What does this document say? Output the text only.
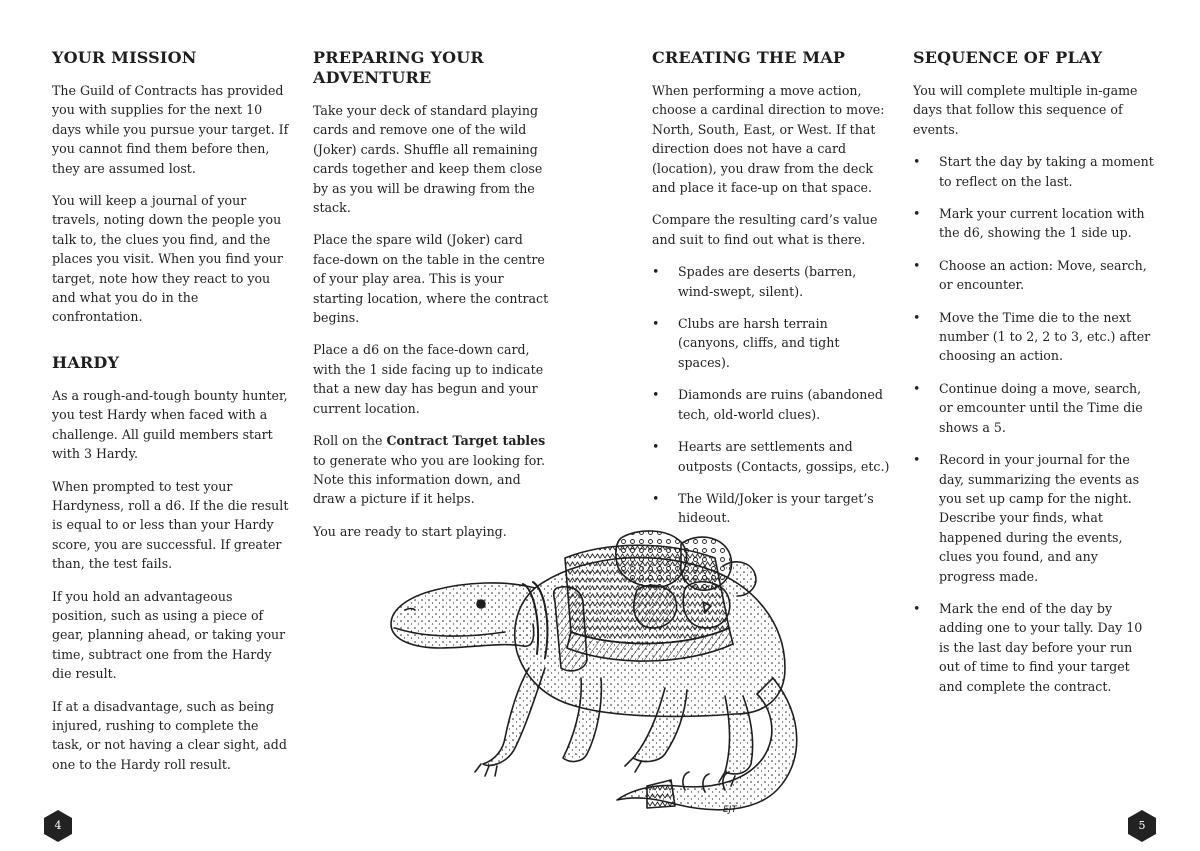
YOUR MISSION

The Guild of Contracts has provided you with supplies for the next 10 days while you pursue your target. If you cannot find them before then, they are assumed lost.

You will keep a journal of your travels, noting down the people you talk to, the clues you find, and the places you visit. When you find your target, note how they react to you and what you do in the confrontation.

HARDY

As a rough-and-tough bounty hunter, you test Hardy when faced with a challenge. All guild members start with 3 Hardy.

When prompted to test your Hardyness, roll a d6. If the die result is equal to or less than your Hardy score, you are successful. If greater than, the test fails.

If you hold an advantageous position, such as using a piece of gear, planning ahead, or taking your time, subtract one from the Hardy die result.

If at a disadvantage, such as being injured, rushing to complete the task, or not having a clear sight, add one to the Hardy roll result.

PREPARING YOUR ADVENTURE

Take your deck of standard playing cards and remove one of the wild (Joker) cards. Shuffle all remaining cards together and keep them close by as you will be drawing from the stack.

Place the spare wild (Joker) card face-down on the table in the centre of your play area. This is your starting location, where the contract begins.

Place a d6 on the face-down card, with the 1 side facing up to indicate that a new day has begun and your current location.

Roll on the Contract Target tables to generate who you are looking for. Note this information down, and draw a picture if it helps.

You are ready to start playing.

CREATING THE MAP

When performing a move action, choose a cardinal direction to move: North, South, East, or West. If that direction does not have a card (location), you draw from the deck and place it face-up on that space.

Compare the resulting card’s value and suit to find out what is there.

• Spades are deserts (barren, wind-swept, silent).
• Clubs are harsh terrain (canyons, cliffs, and tight spaces).
• Diamonds are ruins (abandoned tech, old-world clues).
• Hearts are settlements and outposts (Contacts, gossips, etc.)
• The Wild/Joker is your target’s hideout.
SEQUENCE OF PLAY

You will complete multiple in-game days that follow this sequence of events.

• Start the day by taking a moment to reflect on the last.
• Mark your current location with the d6, showing the 1 side up.
• Choose an action: Move, search, or encounter.
• Move the Time die to the next number (1 to 2, 2 to 3, etc.) after choosing an action.
• Continue doing a move, search, or emcounter until the Time die shows a 5.
• Record in your journal for the day, summarizing the events as you set up camp for the night. Describe your finds, what happened during the events, clues you found, and any progress made.
• Mark the end of the day by adding one to your tally. Day 10 is the last day before your run out of time to find your target and complete the contract.
EJT
4	5
